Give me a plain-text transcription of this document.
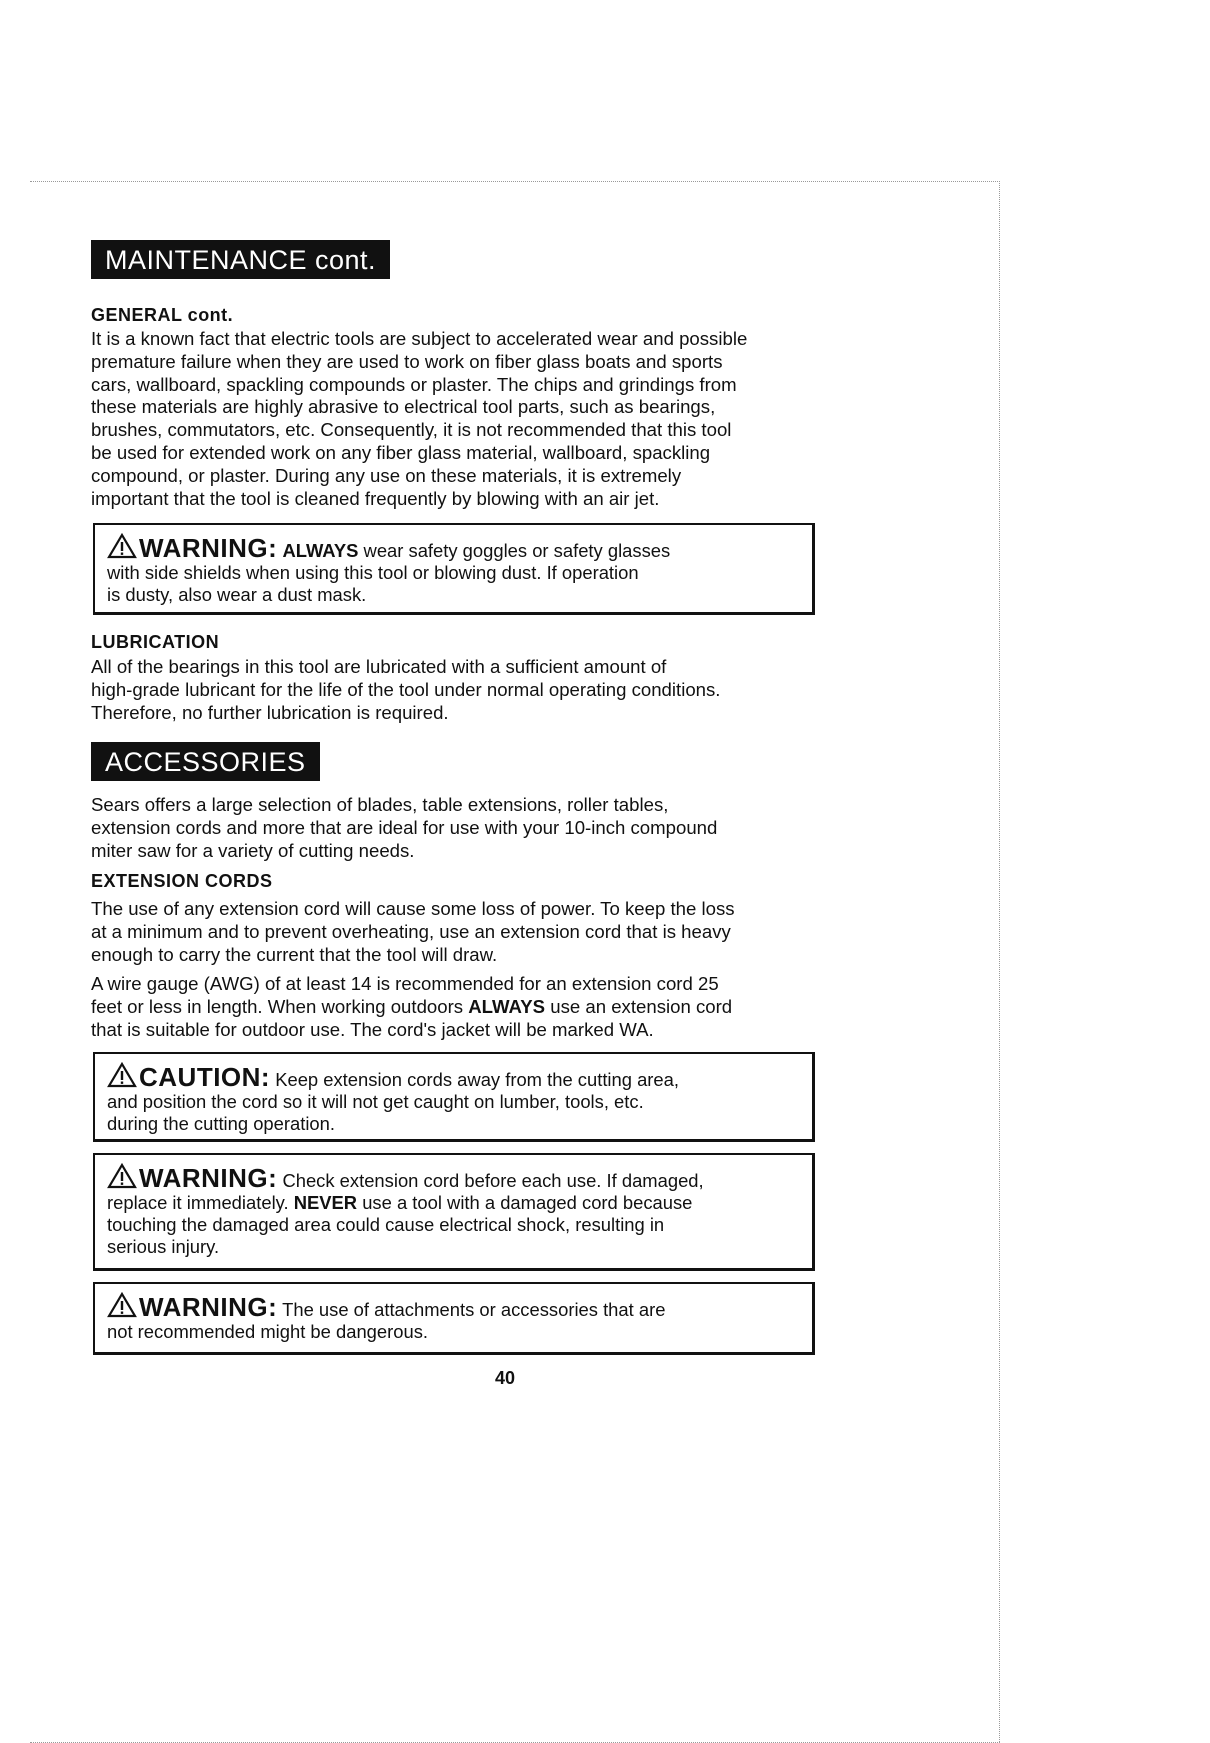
MAINTENANCE cont.
GENERAL cont.
It is a known fact that electric tools are subject to accelerated wear and possible
premature failure when they are used to work on fiber glass boats and sports
cars, wallboard, spackling compounds or plaster. The chips and grindings from
these materials are highly abrasive to electrical tool parts, such as bearings,
brushes, commutators, etc. Consequently, it is not recommended that this tool
be used for extended work on any fiber glass material, wallboard, spackling
compound, or plaster. During any use on these materials, it is extremely
important that the tool is cleaned frequently by blowing with an air jet.
WARNING: ALWAYS wear safety goggles or safety glasses
with side shields when using this tool or blowing dust. If operation
is dusty, also wear a dust mask.
LUBRICATION
All of the bearings in this tool are lubricated with a sufficient amount of
high-grade lubricant for the life of the tool under normal operating conditions.
Therefore, no further lubrication is required.
ACCESSORIES
Sears offers a large selection of blades, table extensions, roller tables,
extension cords and more that are ideal for use with your 10-inch compound
miter saw for a variety of cutting needs.
EXTENSION CORDS
The use of any extension cord will cause some loss of power. To keep the loss
at a minimum and to prevent overheating, use an extension cord that is heavy
enough to carry the current that the tool will draw.
A wire gauge (AWG) of at least 14 is recommended for an extension cord 25
feet or less in length. When working outdoors ALWAYS use an extension cord
that is suitable for outdoor use. The cord's jacket will be marked WA.
CAUTION: Keep extension cords away from the cutting area,
and position the cord so it will not get caught on lumber, tools, etc.
during the cutting operation.
WARNING: Check extension cord before each use. If damaged,
replace it immediately. NEVER use a tool with a damaged cord because
touching the damaged area could cause electrical shock, resulting in
serious injury.
WARNING: The use of attachments or accessories that are
not recommended might be dangerous.
40
